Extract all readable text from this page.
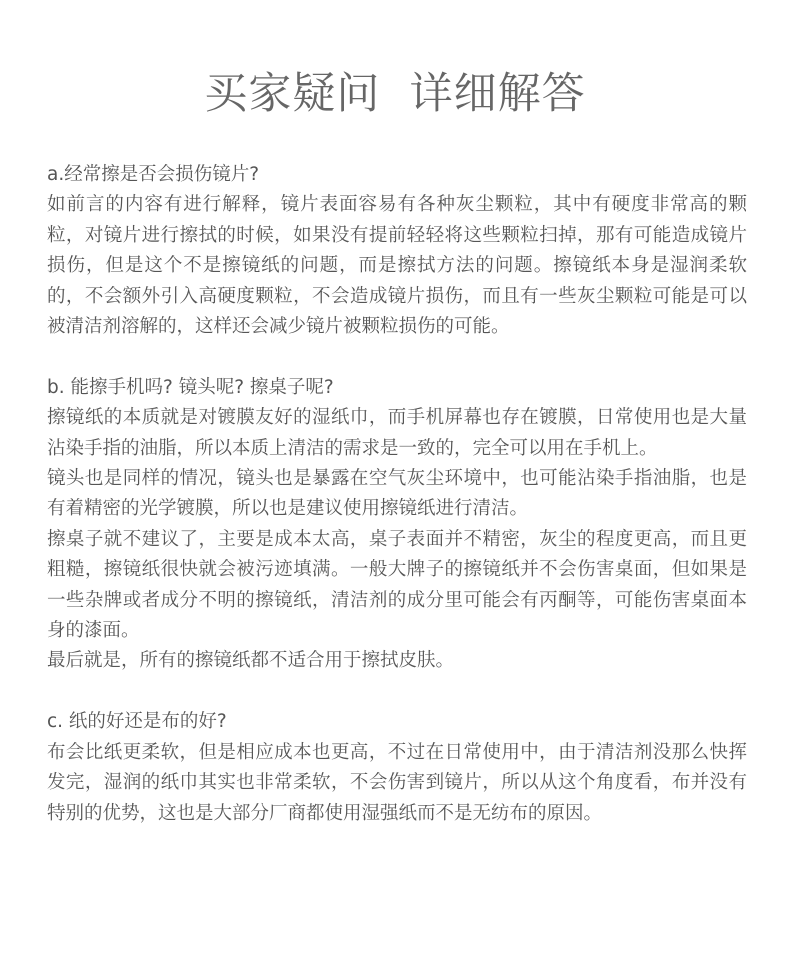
买家疑问  详细解答

a.经常擦是否会损伤镜片?

如前言的内容有进行解释，镜片表面容易有各种灰尘颗粒，其中有硬度非常高的颗粒，对镜片进行擦拭的时候，如果没有提前轻轻将这些颗粒扫掉，那有可能造成镜片损伤，但是这个不是擦镜纸的问题，而是擦拭方法的问题。擦镜纸本身是湿润柔软的，不会额外引入高硬度颗粒，不会造成镜片损伤，而且有一些灰尘颗粒可能是可以被清洁剂溶解的，这样还会减少镜片被颗粒损伤的可能。

b. 能擦手机吗? 镜头呢? 擦桌子呢?

擦镜纸的本质就是对镀膜友好的湿纸巾，而手机屏幕也存在镀膜，日常使用也是大量沾染手指的油脂，所以本质上清洁的需求是一致的，完全可以用在手机上。

镜头也是同样的情况，镜头也是暴露在空气灰尘环境中，也可能沾染手指油脂，也是有着精密的光学镀膜，所以也是建议使用擦镜纸进行清洁。

擦桌子就不建议了，主要是成本太高，桌子表面并不精密，灰尘的程度更高，而且更粗糙，擦镜纸很快就会被污迹填满。一般大牌子的擦镜纸并不会伤害桌面，但如果是一些杂牌或者成分不明的擦镜纸，清洁剂的成分里可能会有丙酮等，可能伤害桌面本身的漆面。

最后就是，所有的擦镜纸都不适合用于擦拭皮肤。

c. 纸的好还是布的好?

布会比纸更柔软，但是相应成本也更高，不过在日常使用中，由于清洁剂没那么快挥发完，湿润的纸巾其实也非常柔软，不会伤害到镜片，所以从这个角度看，布并没有特别的优势，这也是大部分厂商都使用湿强纸而不是无纺布的原因。
